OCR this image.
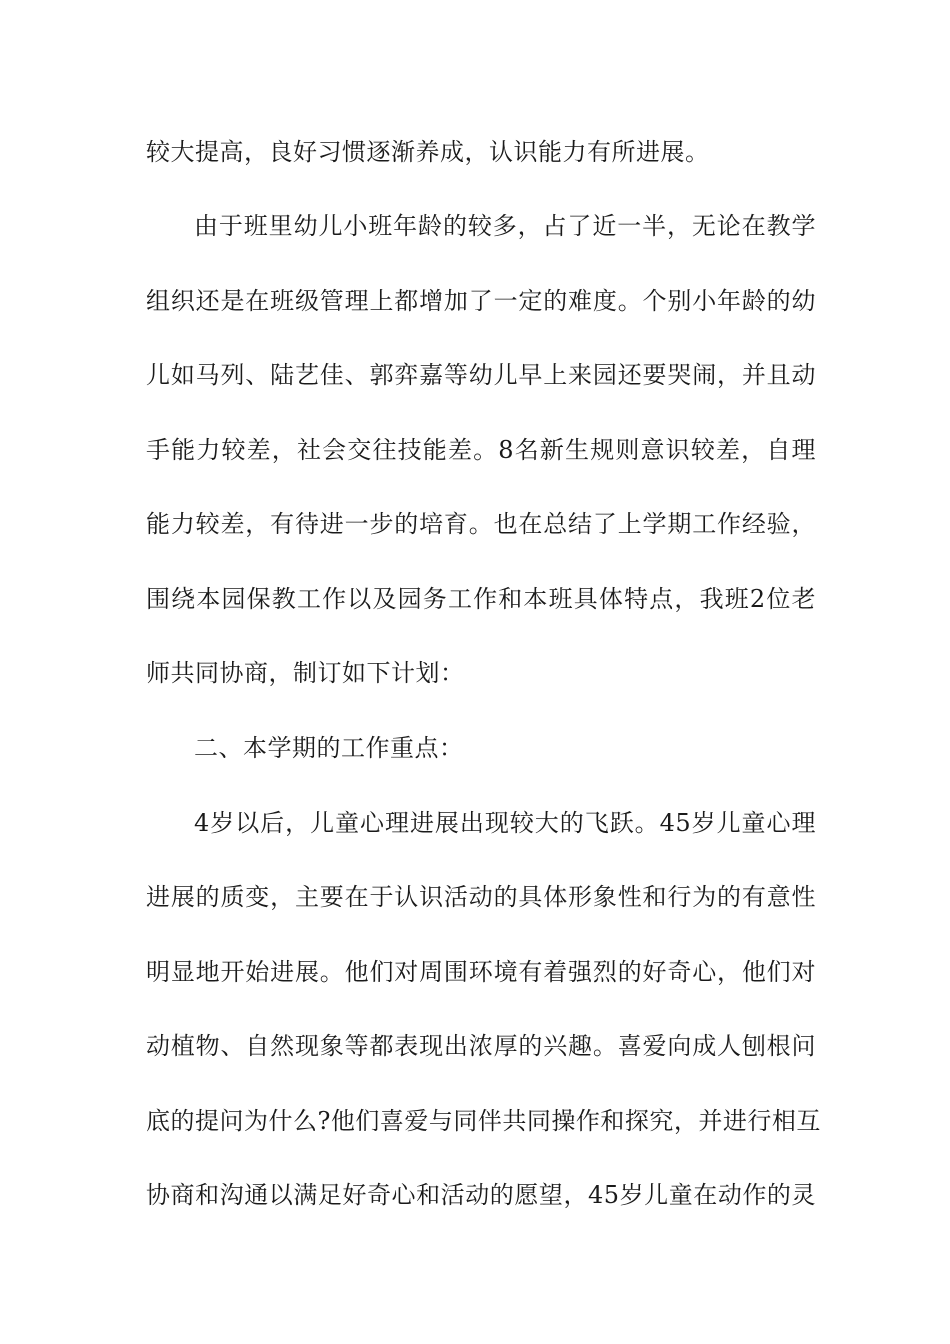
较大提高，良好习惯逐渐养成，认识能力有所进展。
由于班里幼儿小班年龄的较多，占了近一半，无论在教学
组织还是在班级管理上都增加了一定的难度。个别小年龄的幼
儿如马列、陆艺佳、郭弈嘉等幼儿早上来园还要哭闹，并且动
手能力较差，社会交往技能差。8名新生规则意识较差，自理
能力较差，有待进一步的培育。也在总结了上学期工作经验，
围绕本园保教工作以及园务工作和本班具体特点，我班2位老
师共同协商，制订如下计划：
二、本学期的工作重点：
4岁以后，儿童心理进展出现较大的飞跃。45岁儿童心理
进展的质变，主要在于认识活动的具体形象性和行为的有意性
明显地开始进展。他们对周围环境有着强烈的好奇心，他们对
动植物、自然现象等都表现出浓厚的兴趣。喜爱向成人刨根问
底的提问为什么?他们喜爱与同伴共同操作和探究，并进行相互
协商和沟通以满足好奇心和活动的愿望，45岁儿童在动作的灵
